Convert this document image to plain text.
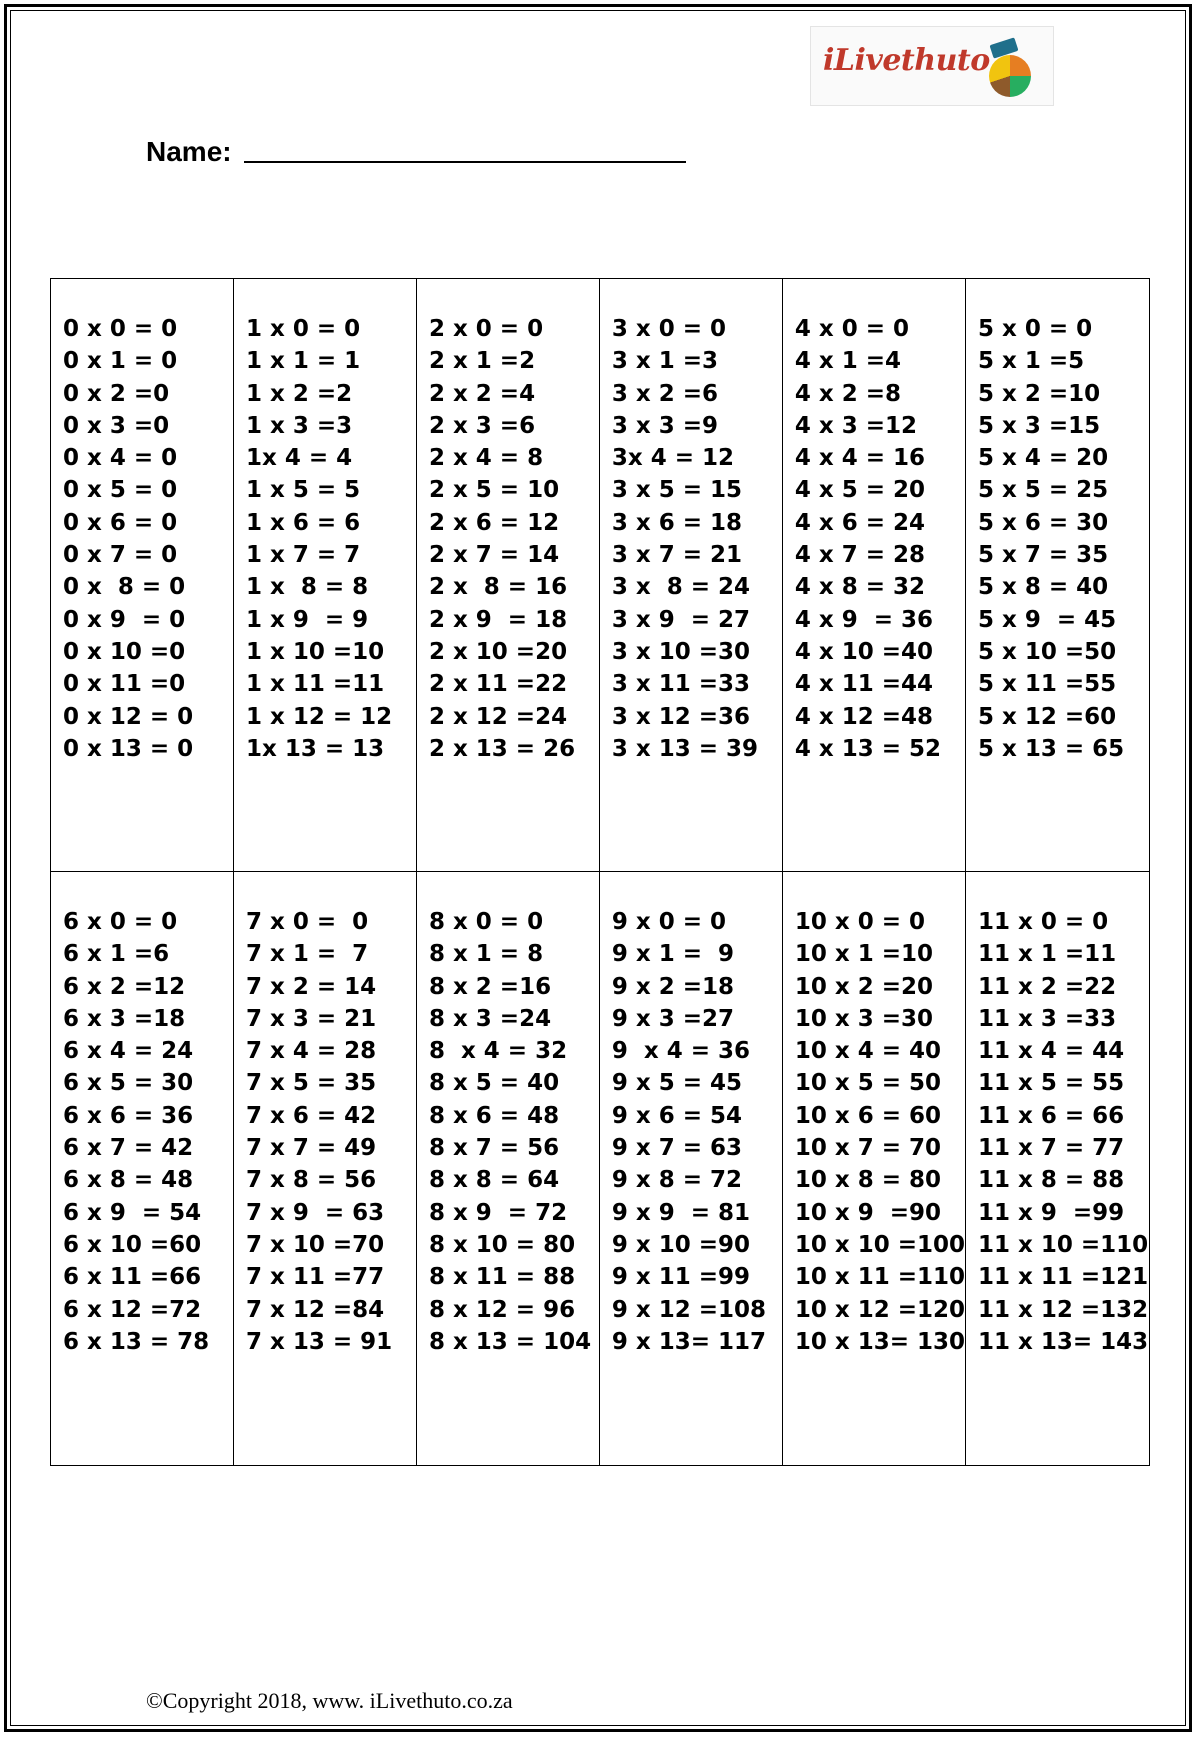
iLivethuto
Name:
0 x 0 = 0
0 x 1 = 0
0 x 2 =0
0 x 3 =0
0 x 4 = 0
0 x 5 = 0
0 x 6 = 0
0 x 7 = 0
0 x  8 = 0
0 x 9  = 0
0 x 10 =0
0 x 11 =0
0 x 12 = 0
0 x 13 = 0
1 x 0 = 0
1 x 1 = 1
1 x 2 =2
1 x 3 =3
1x 4 = 4
1 x 5 = 5
1 x 6 = 6
1 x 7 = 7
1 x  8 = 8
1 x 9  = 9
1 x 10 =10
1 x 11 =11
1 x 12 = 12
1x 13 = 13
2 x 0 = 0
2 x 1 =2
2 x 2 =4
2 x 3 =6
2 x 4 = 8
2 x 5 = 10
2 x 6 = 12
2 x 7 = 14
2 x  8 = 16
2 x 9  = 18
2 x 10 =20
2 x 11 =22
2 x 12 =24
2 x 13 = 26
3 x 0 = 0
3 x 1 =3
3 x 2 =6
3 x 3 =9
3x 4 = 12
3 x 5 = 15
3 x 6 = 18
3 x 7 = 21
3 x  8 = 24
3 x 9  = 27
3 x 10 =30
3 x 11 =33
3 x 12 =36
3 x 13 = 39
4 x 0 = 0
4 x 1 =4
4 x 2 =8
4 x 3 =12
4 x 4 = 16
4 x 5 = 20
4 x 6 = 24
4 x 7 = 28
4 x 8 = 32
4 x 9  = 36
4 x 10 =40
4 x 11 =44
4 x 12 =48
4 x 13 = 52
5 x 0 = 0
5 x 1 =5
5 x 2 =10
5 x 3 =15
5 x 4 = 20
5 x 5 = 25
5 x 6 = 30
5 x 7 = 35
5 x 8 = 40
5 x 9  = 45
5 x 10 =50
5 x 11 =55
5 x 12 =60
5 x 13 = 65
6 x 0 = 0
6 x 1 =6
6 x 2 =12
6 x 3 =18
6 x 4 = 24
6 x 5 = 30
6 x 6 = 36
6 x 7 = 42
6 x 8 = 48
6 x 9  = 54
6 x 10 =60
6 x 11 =66
6 x 12 =72
6 x 13 = 78
7 x 0 =  0
7 x 1 =  7
7 x 2 = 14
7 x 3 = 21
7 x 4 = 28
7 x 5 = 35
7 x 6 = 42
7 x 7 = 49
7 x 8 = 56
7 x 9  = 63
7 x 10 =70
7 x 11 =77
7 x 12 =84
7 x 13 = 91
8 x 0 = 0
8 x 1 = 8
8 x 2 =16
8 x 3 =24
8  x 4 = 32
8 x 5 = 40
8 x 6 = 48
8 x 7 = 56
8 x 8 = 64
8 x 9  = 72
8 x 10 = 80
8 x 11 = 88
8 x 12 = 96
8 x 13 = 104
9 x 0 = 0
9 x 1 =  9
9 x 2 =18
9 x 3 =27
9  x 4 = 36
9 x 5 = 45
9 x 6 = 54
9 x 7 = 63
9 x 8 = 72
9 x 9  = 81
9 x 10 =90
9 x 11 =99
9 x 12 =108
9 x 13= 117
10 x 0 = 0
10 x 1 =10
10 x 2 =20
10 x 3 =30
10 x 4 = 40
10 x 5 = 50
10 x 6 = 60
10 x 7 = 70
10 x 8 = 80
10 x 9  =90
10 x 10 =100
10 x 11 =110
10 x 12 =120
10 x 13= 130
11 x 0 = 0
11 x 1 =11
11 x 2 =22
11 x 3 =33
11 x 4 = 44
11 x 5 = 55
11 x 6 = 66
11 x 7 = 77
11 x 8 = 88
11 x 9  =99
11 x 10 =110
11 x 11 =121
11 x 12 =132
11 x 13= 143
©Copyright 2018, www. iLivethuto.co.za
